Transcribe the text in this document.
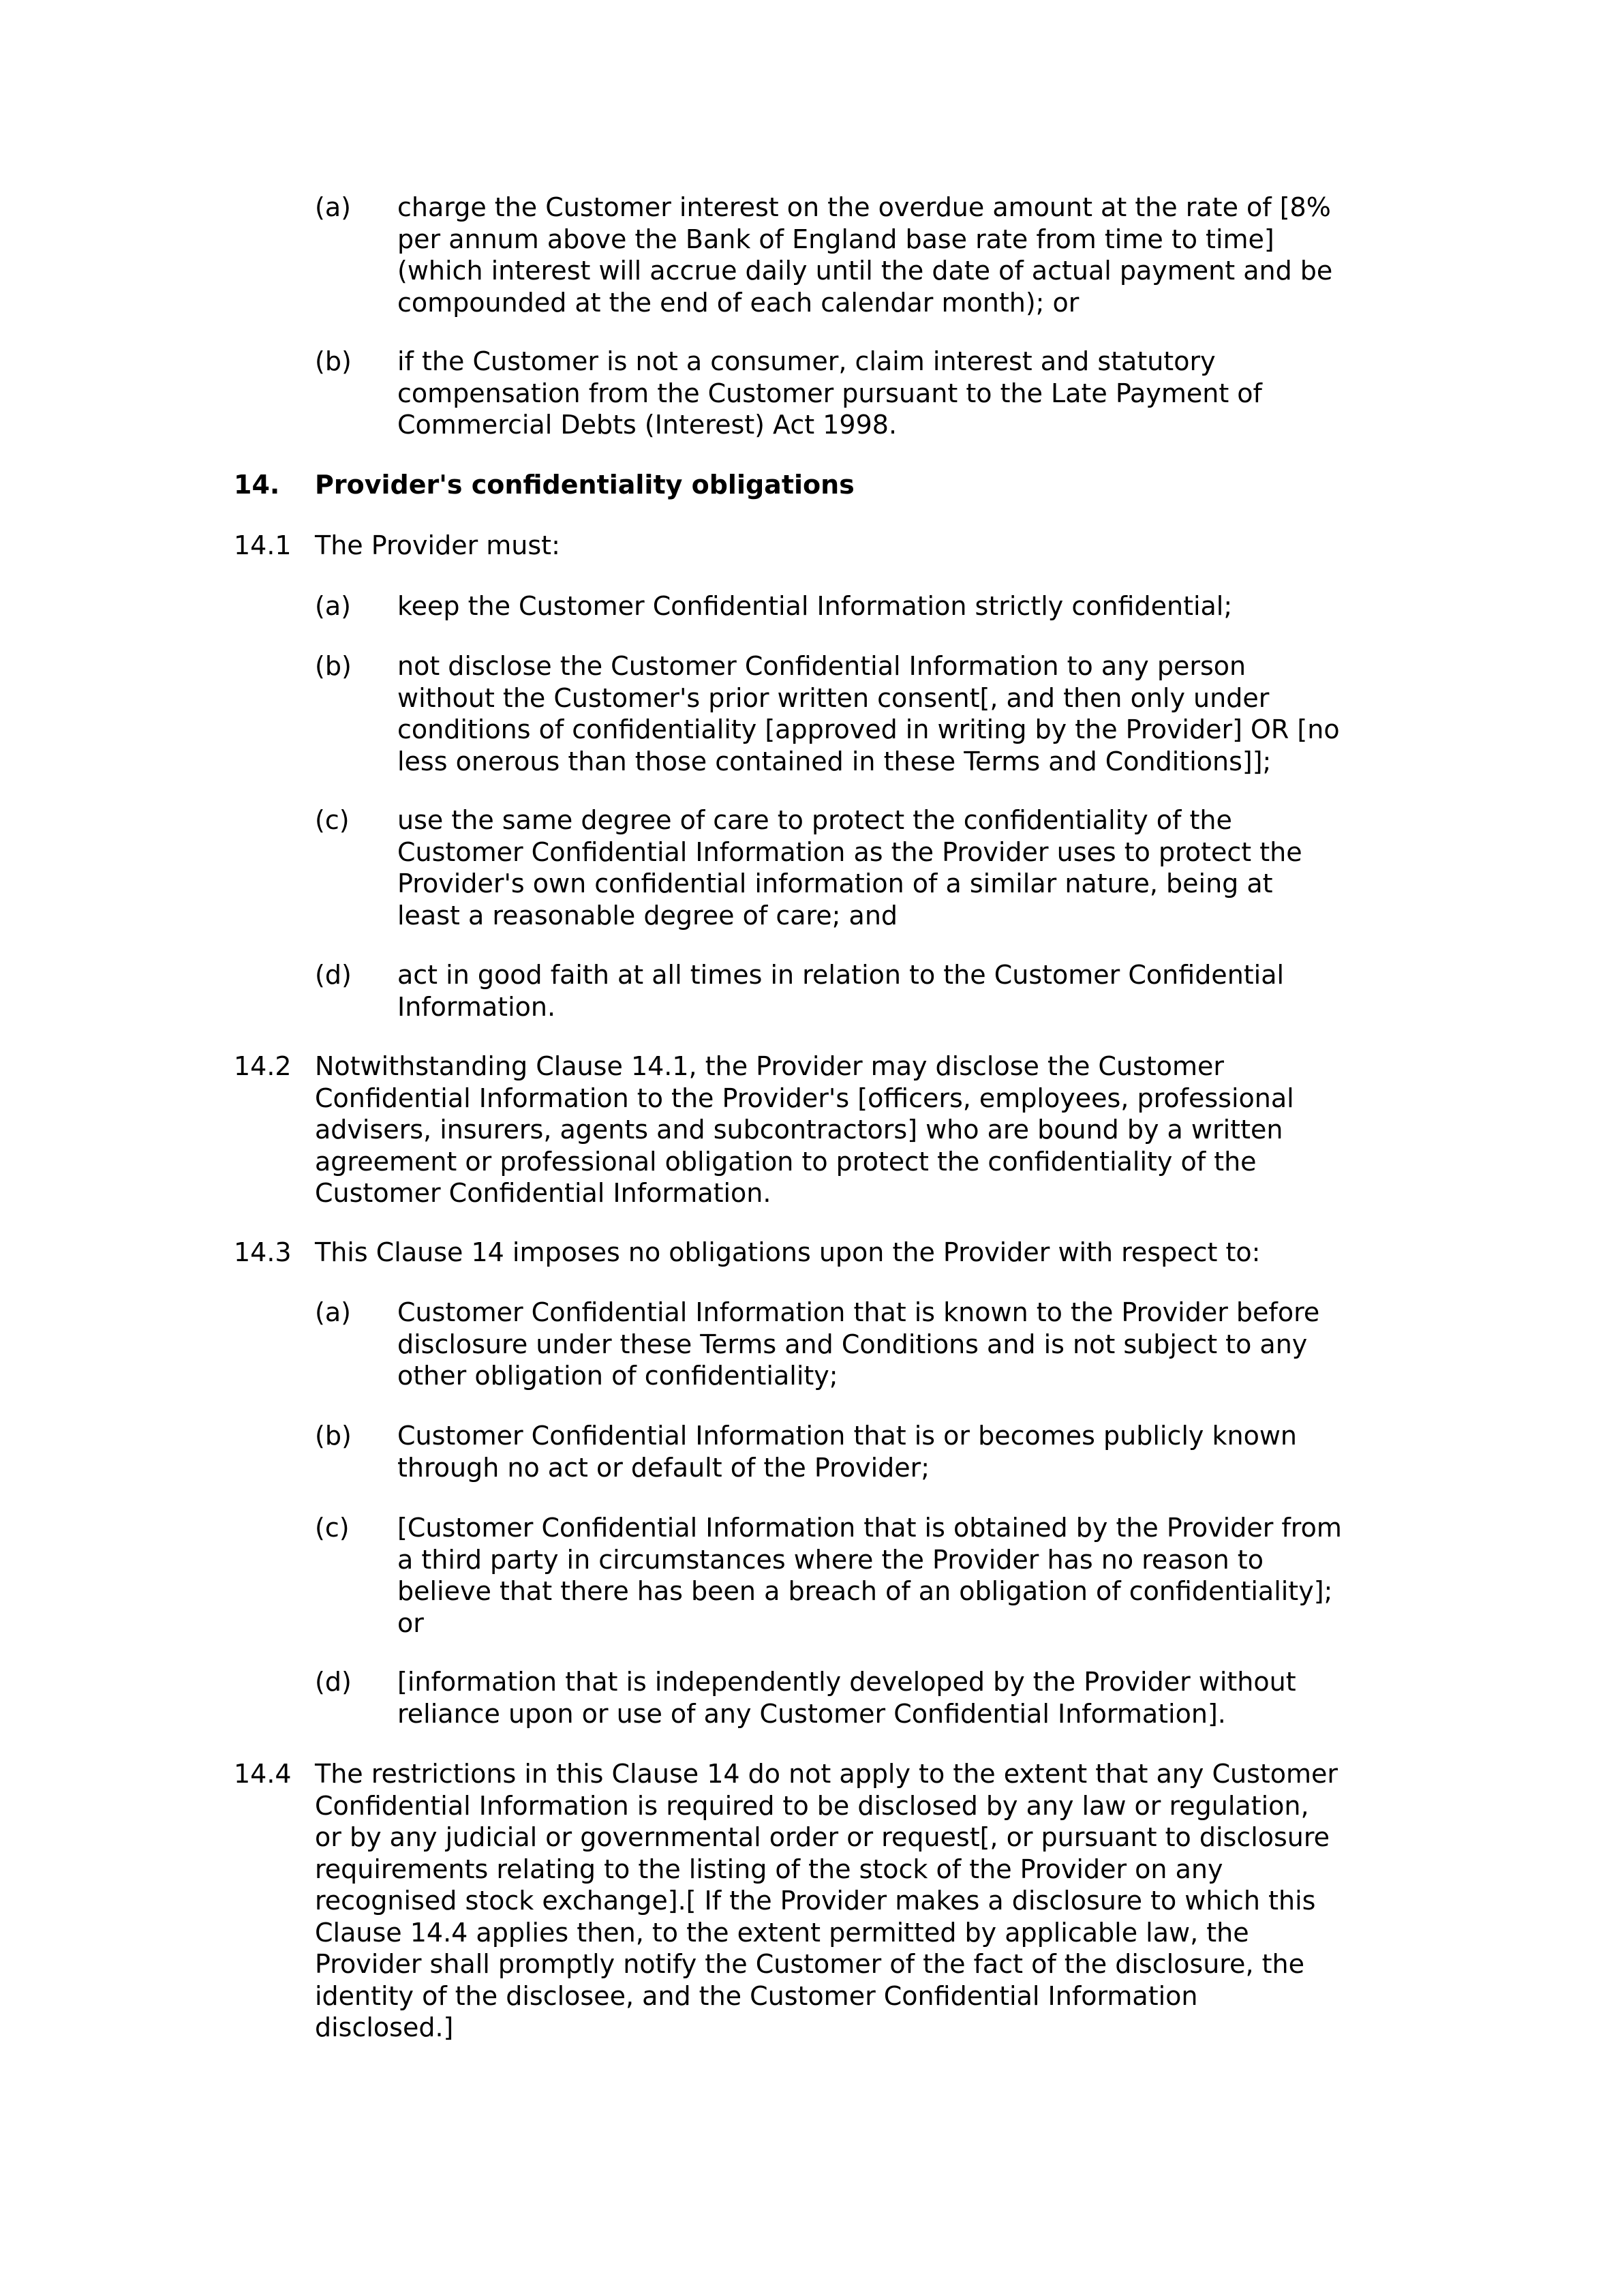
(a) charge the Customer interest on the overdue amount at the rate of [8%
per annum above the Bank of England base rate from time to time]
(which interest will accrue daily until the date of actual payment and be
compounded at the end of each calendar month); or
(b) if the Customer is not a consumer, claim interest and statutory
compensation from the Customer pursuant to the Late Payment of
Commercial Debts (Interest) Act 1998.
14. Provider's confidentiality obligations
14.1 The Provider must:
(a) keep the Customer Confidential Information strictly confidential;
(b) not disclose the Customer Confidential Information to any person
without the Customer's prior written consent[, and then only under
conditions of confidentiality [approved in writing by the Provider] OR [no
less onerous than those contained in these Terms and Conditions]];
(c) use the same degree of care to protect the confidentiality of the
Customer Confidential Information as the Provider uses to protect the
Provider's own confidential information of a similar nature, being at
least a reasonable degree of care; and
(d) act in good faith at all times in relation to the Customer Confidential
Information.
14.2 Notwithstanding Clause 14.1, the Provider may disclose the Customer
Confidential Information to the Provider's [officers, employees, professional
advisers, insurers, agents and subcontractors] who are bound by a written
agreement or professional obligation to protect the confidentiality of the
Customer Confidential Information.
14.3 This Clause 14 imposes no obligations upon the Provider with respect to:
(a) Customer Confidential Information that is known to the Provider before
disclosure under these Terms and Conditions and is not subject to any
other obligation of confidentiality;
(b) Customer Confidential Information that is or becomes publicly known
through no act or default of the Provider;
(c) [Customer Confidential Information that is obtained by the Provider from
a third party in circumstances where the Provider has no reason to
believe that there has been a breach of an obligation of confidentiality];
or
(d) [information that is independently developed by the Provider without
reliance upon or use of any Customer Confidential Information].
14.4 The restrictions in this Clause 14 do not apply to the extent that any Customer
Confidential Information is required to be disclosed by any law or regulation,
or by any judicial or governmental order or request[, or pursuant to disclosure
requirements relating to the listing of the stock of the Provider on any
recognised stock exchange].[ If the Provider makes a disclosure to which this
Clause 14.4 applies then, to the extent permitted by applicable law, the
Provider shall promptly notify the Customer of the fact of the disclosure, the
identity of the disclosee, and the Customer Confidential Information
disclosed.]
